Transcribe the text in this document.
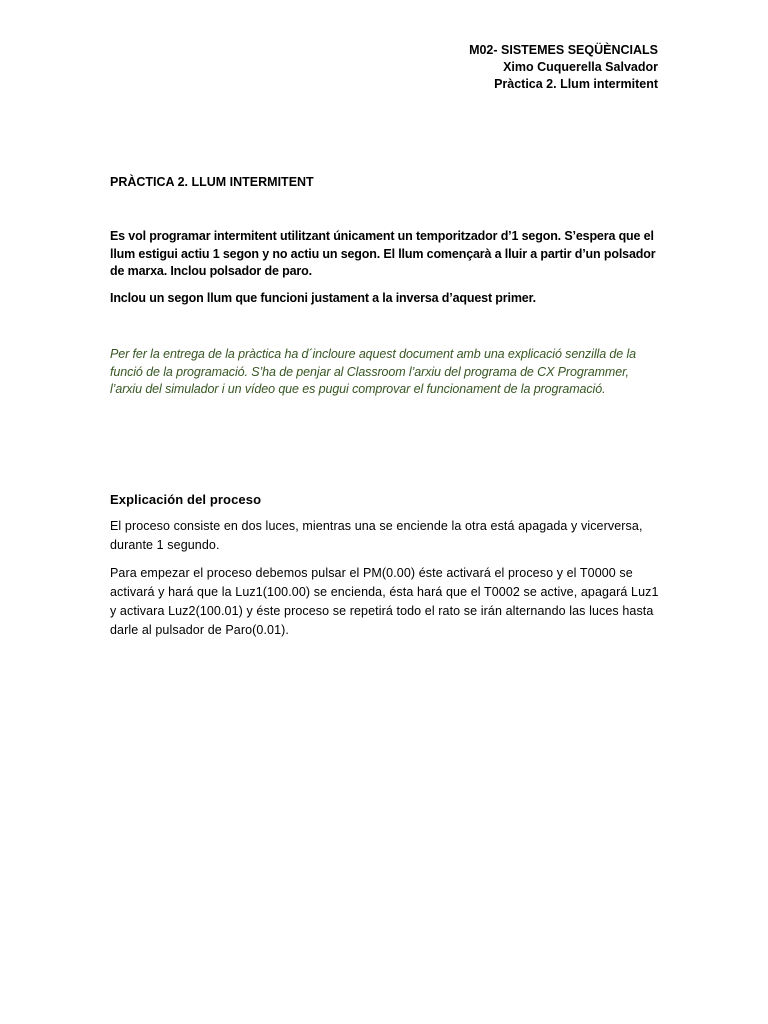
M02- SISTEMES SEQÜÈNCIALS
Ximo Cuquerella Salvador
Pràctica 2. Llum intermitent
PRÀCTICA 2. LLUM INTERMITENT

Es vol programar intermitent utilitzant únicament un temporitzador d’1 segon. S’espera que el llum estigui actiu 1 segon y no actiu un segon. El llum començarà a lluir a partir d’un polsador de marxa. Inclou polsador de paro.

Inclou un segon llum que funcioni justament a la inversa d’aquest primer.

Per fer la entrega de la pràctica ha d´incloure aquest document amb una explicació senzilla de la funció de la programació. S’ha de penjar al Classroom l’arxiu del programa de CX Programmer, l’arxiu del simulador i un vídeo que es pugui comprovar el funcionament de la programació.

Explicación del proceso

El proceso consiste en dos luces, mientras una se enciende la otra está apagada y vicerversa, durante 1 segundo.

Para empezar el proceso debemos pulsar el PM(0.00) éste activará el proceso y el T0000 se activará y hará que la Luz1(100.00) se encienda, ésta hará que el T0002 se active, apagará Luz1 y activara Luz2(100.01) y éste proceso se repetirá todo el rato se irán alternando las luces hasta darle al pulsador de Paro(0.01).
